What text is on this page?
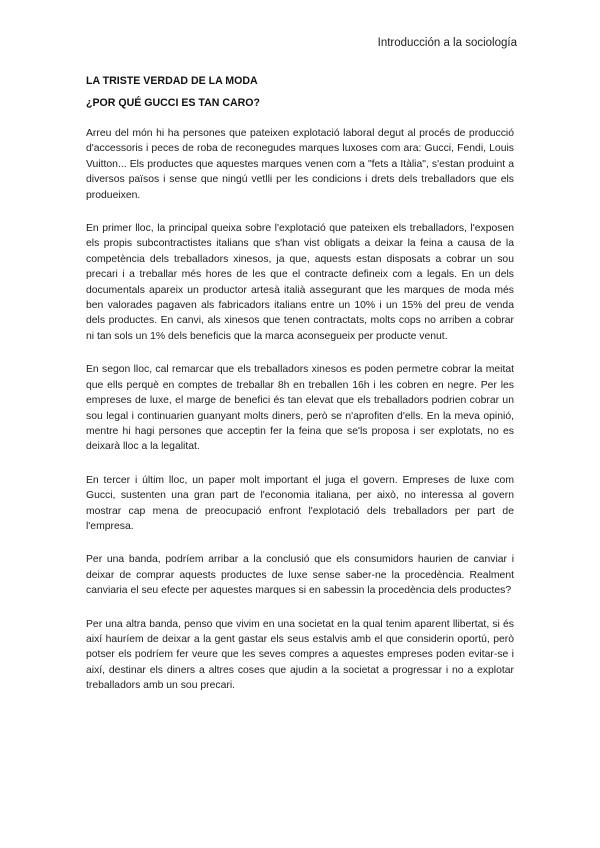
Introducción a la sociología
LA TRISTE VERDAD DE LA MODA
¿POR QUÉ GUCCI ES TAN CARO?

Arreu del món hi ha persones que pateixen explotació laboral degut al procés de producció d'accessoris i peces de roba de reconegudes marques luxoses com ara: Gucci, Fendi, Louis Vuitton... Els productes que aquestes marques venen com a "fets a Itàlia", s'estan produint a diversos països i sense que ningú vetlli per les condicions i drets dels treballadors que els produeixen.

En primer lloc, la principal queixa sobre l'explotació que pateixen els treballadors, l'exposen els propis subcontractistes italians que s'han vist obligats a deixar la feina a causa de la competència dels treballadors xinesos, ja que, aquests estan disposats a cobrar un sou precari i a treballar més hores de les que el contracte defineix com a legals. En un dels documentals apareix un productor artesà italià assegurant que les marques de moda més ben valorades pagaven als fabricadors italians entre un 10% i un 15% del preu de venda dels productes. En canvi, als xinesos que tenen contractats, molts cops no arriben a cobrar ni tan sols un 1% dels beneficis que la marca aconsegueix per producte venut.

En segon lloc, cal remarcar que els treballadors xinesos es poden permetre cobrar la meitat que ells perquè en comptes de treballar 8h en treballen 16h i les cobren en negre. Per les empreses de luxe, el marge de benefici és tan elevat que els treballadors podrien cobrar un sou legal i continuarien guanyant molts diners, però se n'aprofiten d'ells. En la meva opinió, mentre hi hagi persones que acceptin fer la feina que se'ls proposa i ser explotats, no es deixarà lloc a la legalitat.

En tercer i últim lloc, un paper molt important el juga el govern. Empreses de luxe com Gucci, sustenten una gran part de l'economia italiana, per això, no interessa al govern mostrar cap mena de preocupació enfront l'explotació dels treballadors per part de l'empresa.

Per una banda, podríem arribar a la conclusió que els consumidors haurien de canviar i deixar de comprar aquests productes de luxe sense saber-ne la procedència. Realment canviaria el seu efecte per aquestes marques si en sabessin la procedència dels productes?

Per una altra banda, penso que vivim en una societat en la qual tenim aparent llibertat, si és així hauríem de deixar a la gent gastar els seus estalvis amb el que considerin oportú, però potser els podríem fer veure que les seves compres a aquestes empreses poden evitar-se i així, destinar els diners a altres coses que ajudin a la societat a progressar i no a explotar treballadors amb un sou precari.
